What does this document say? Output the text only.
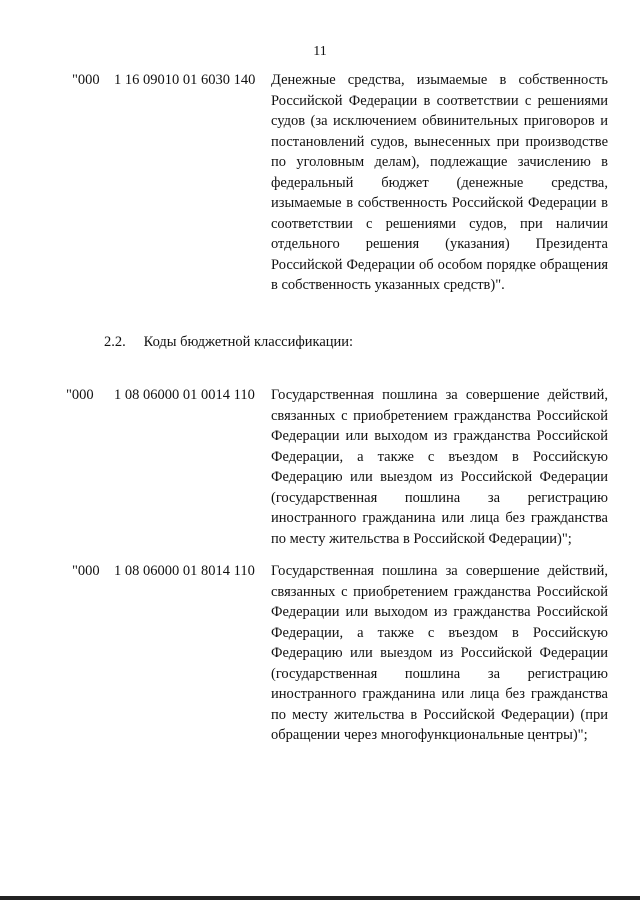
11
"000 1 16 09010 01 6030 140 Денежные средства, изымаемые в собственность Российской Федерации в соответствии с решениями судов (за исключением обвинительных приговоров и постановлений судов, вынесенных при производстве по уголовным делам), подлежащие зачислению в федеральный бюджет (денежные средства, изымаемые в собственность Российской Федерации в соответствии с решениями судов, при наличии отдельного решения (указания) Президента Российской Федерации об особом порядке обращения в собственность указанных средств)".
2.2. Коды бюджетной классификации:
"000 1 08 06000 01 0014 110 Государственная пошлина за совершение действий, связанных с приобретением гражданства Российской Федерации или выходом из гражданства Российской Федерации, а также с въездом в Российскую Федерацию или выездом из Российской Федерации (государственная пошлина за регистрацию иностранного гражданина или лица без гражданства по месту жительства в Российской Федерации)";
"000 1 08 06000 01 8014 110 Государственная пошлина за совершение действий, связанных с приобретением гражданства Российской Федерации или выходом из гражданства Российской Федерации, а также с въездом в Российскую Федерацию или выездом из Российской Федерации (государственная пошлина за регистрацию иностранного гражданина или лица без гражданства по месту жительства в Российской Федерации) (при обращении через многофункциональные центры)";
